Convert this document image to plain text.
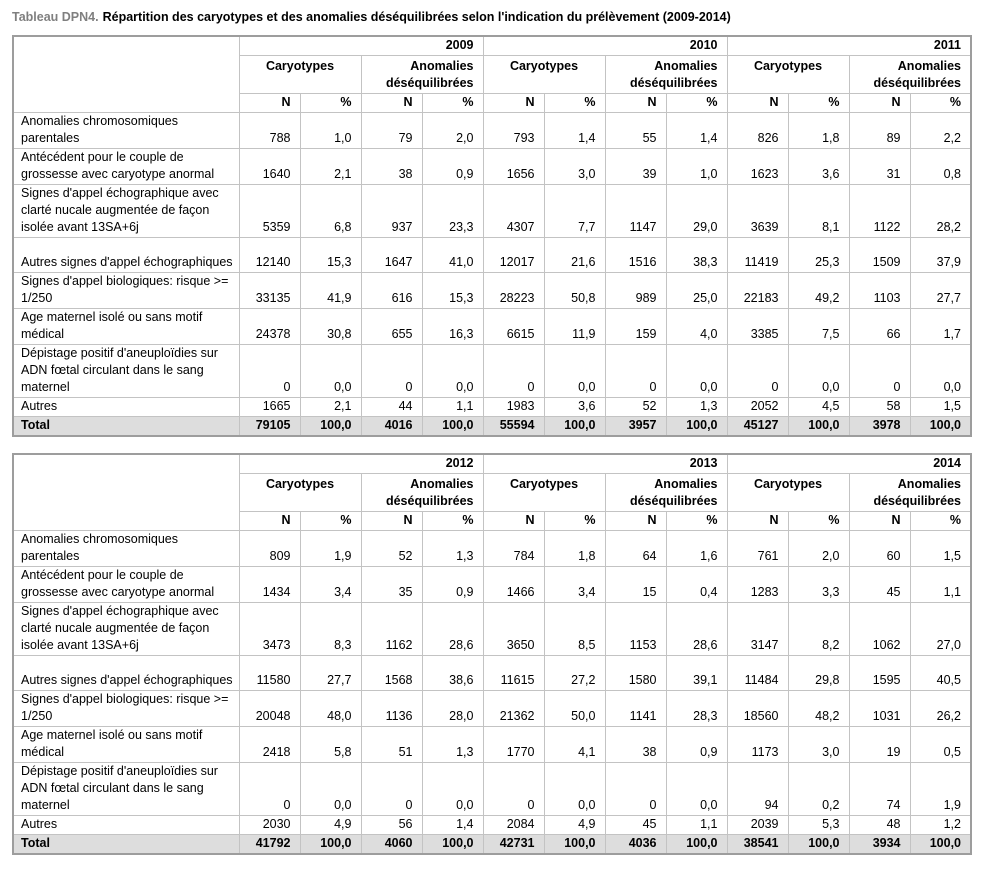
Tableau DPN4. Répartition des caryotypes et des anomalies déséquilibrées selon l'indication du prélèvement (2009-2014)
	2009				2010				2011			
	Caryotypes		Anomalies déséquilibrées		Caryotypes		Anomalies déséquilibrées		Caryotypes		Anomalies déséquilibrées	
	N	%	N	%	N	%	N	%	N	%	N	%
Anomalies chromosomiques parentales	788	1,0	79	2,0	793	1,4	55	1,4	826	1,8	89	2,2
Antécédent pour le couple de grossesse avec caryotype anormal	1640	2,1	38	0,9	1656	3,0	39	1,0	1623	3,6	31	0,8
Signes d'appel échographique avec clarté nucale augmentée de façon isolée avant 13SA+6j	5359	6,8	937	23,3	4307	7,7	1147	29,0	3639	8,1	1122	28,2
Autres signes d'appel échographiques	12140	15,3	1647	41,0	12017	21,6	1516	38,3	11419	25,3	1509	37,9
Signes d'appel biologiques: risque >= 1/250	33135	41,9	616	15,3	28223	50,8	989	25,0	22183	49,2	1103	27,7
Age maternel isolé ou sans motif médical	24378	30,8	655	16,3	6615	11,9	159	4,0	3385	7,5	66	1,7
Dépistage positif d'aneuploïdies sur ADN fœtal circulant dans le sang maternel	0	0,0	0	0,0	0	0,0	0	0,0	0	0,0	0	0,0
Autres	1665	2,1	44	1,1	1983	3,6	52	1,3	2052	4,5	58	1,5
Total	79105	100,0	4016	100,0	55594	100,0	3957	100,0	45127	100,0	3978	100,0
	2012				2013				2014			
	Caryotypes		Anomalies déséquilibrées		Caryotypes		Anomalies déséquilibrées		Caryotypes		Anomalies déséquilibrées	
	N	%	N	%	N	%	N	%	N	%	N	%
Anomalies chromosomiques parentales	809	1,9	52	1,3	784	1,8	64	1,6	761	2,0	60	1,5
Antécédent pour le couple de grossesse avec caryotype anormal	1434	3,4	35	0,9	1466	3,4	15	0,4	1283	3,3	45	1,1
Signes d'appel échographique avec clarté nucale augmentée de façon isolée avant 13SA+6j	3473	8,3	1162	28,6	3650	8,5	1153	28,6	3147	8,2	1062	27,0
Autres signes d'appel échographiques	11580	27,7	1568	38,6	11615	27,2	1580	39,1	11484	29,8	1595	40,5
Signes d'appel biologiques: risque >= 1/250	20048	48,0	1136	28,0	21362	50,0	1141	28,3	18560	48,2	1031	26,2
Age maternel isolé ou sans motif médical	2418	5,8	51	1,3	1770	4,1	38	0,9	1173	3,0	19	0,5
Dépistage positif d'aneuploïdies sur ADN fœtal circulant dans le sang maternel	0	0,0	0	0,0	0	0,0	0	0,0	94	0,2	74	1,9
Autres	2030	4,9	56	1,4	2084	4,9	45	1,1	2039	5,3	48	1,2
Total	41792	100,0	4060	100,0	42731	100,0	4036	100,0	38541	100,0	3934	100,0
